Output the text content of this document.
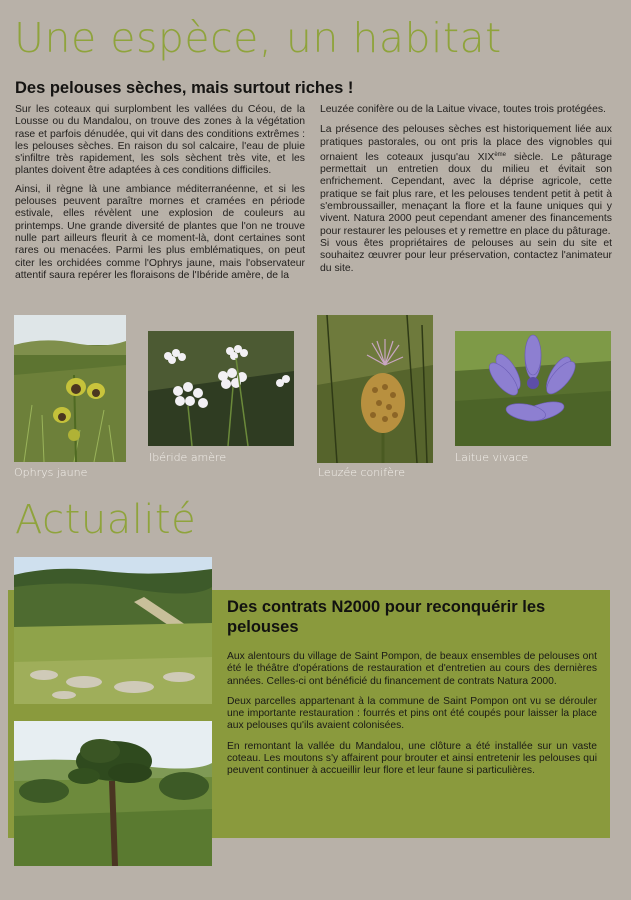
Une espèce, un habitat
Des pelouses sèches, mais surtout riches !

Sur les coteaux qui surplombent les vallées du Céou, de la Lousse ou du Mandalou, on trouve des zones à la végétation rase et parfois dénudée, qui vit dans des conditions extrêmes : les pelouses sèches. En raison du sol calcaire, l'eau de pluie s'infiltre très rapidement, les sols sèchent très vite, et les plantes doivent être adaptées à ces conditions difficiles.

Ainsi, il règne là une ambiance méditerranéenne, et si les pelouses peuvent paraître mornes et cramées en période estivale, elles révèlent une explosion de couleurs au printemps. Une grande diversité de plantes que l'on ne trouve nulle part ailleurs fleurit à ce moment-là, dont certaines sont rares ou menacées. Parmi les plus emblématiques, on peut citer les orchidées comme l'Ophrys jaune, mais l'observateur attentif saura repérer les floraisons de l'Ibéride amère, de la

Leuzée conifère ou de la Laitue vivace, toutes trois protégées.

La présence des pelouses sèches est historiquement liée aux pratiques pastorales, ou ont pris la place des vignobles qui ornaient les coteaux jusqu'au XIXème siècle. Le pâturage permettait un entretien doux du milieu et évitait son enfrichement. Cependant, avec la déprise agricole, cette pratique se fait plus rare, et les pelouses tendent petit à petit à s'embroussailler, menaçant la flore et la faune uniques qui y vivent. Natura 2000 peut cependant amener des financements pour restaurer les pelouses et y remettre en place du pâturage.

Si vous êtes propriétaires de pelouses au sein du site et souhaitez œuvrer pour leur préservation, contactez l'animateur du site.

Ophrys jaune
Ibéride amère
Leuzée conifère
Laitue vivace
Actualité
Des contrats N2000 pour reconquérir les pelouses

Aux alentours du village de Saint Pompon, de beaux ensembles de pelouses ont été le théâtre d'opérations de restauration et d'entretien au cours des dernières années. Celles-ci ont bénéficié du financement de contrats Natura 2000.

Deux parcelles appartenant à la commune de Saint Pompon ont vu se dérouler une importante restauration : fourrés et pins ont été coupés pour laisser la place aux pelouses qu'ils avaient colonisées.

En remontant la vallée du Mandalou, une clôture a été installée sur un vaste coteau. Les moutons s'y affairent pour brouter et ainsi entretenir les pelouses qui peuvent continuer à accueillir leur flore et leur faune si particulières.
